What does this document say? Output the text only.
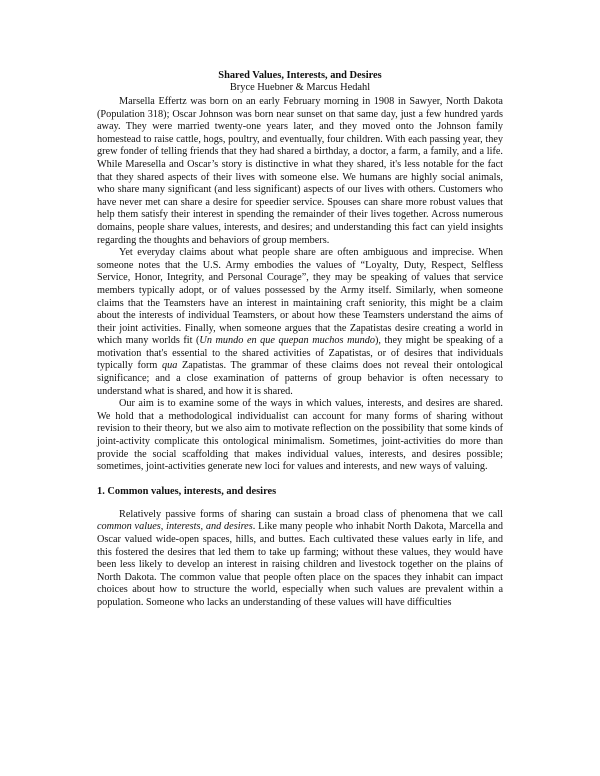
Shared Values, Interests, and Desires
Bryce Huebner & Marcus Hedahl

Marsella Effertz was born on an early February morning in 1908 in Sawyer, North Dakota (Population 318); Oscar Johnson was born near sunset on that same day, just a few hundred yards away. They were married twenty-one years later, and they moved onto the Johnson family homestead to raise cattle, hogs, poultry, and eventually, four children. With each passing year, they grew fonder of telling friends that they had shared a birthday, a doctor, a farm, a family, and a life. While Maresella and Oscar’s story is distinctive in what they shared, it's less notable for the fact that they shared aspects of their lives with someone else. We humans are highly social animals, who share many significant (and less significant) aspects of our lives with others. Customers who have never met can share a desire for speedier service. Spouses can share more robust values that help them satisfy their interest in spending the remainder of their lives together. Across numerous domains, people share values, interests, and desires; and understanding this fact can yield insights regarding the thoughts and behaviors of group members.

Yet everyday claims about what people share are often ambiguous and imprecise. When someone notes that the U.S. Army embodies the values of “Loyalty, Duty, Respect, Selfless Service, Honor, Integrity, and Personal Courage”, they may be speaking of values that service members typically adopt, or of values possessed by the Army itself. Similarly, when someone claims that the Teamsters have an interest in maintaining craft seniority, this might be a claim about the interests of individual Teamsters, or about how these Teamsters understand the aims of their joint activities. Finally, when someone argues that the Zapatistas desire creating a world in which many worlds fit (Un mundo en que quepan muchos mundo), they might be speaking of a motivation that's essential to the shared activities of Zapatistas, or of desires that individuals typically form qua Zapatistas. The grammar of these claims does not reveal their ontological significance; and a close examination of patterns of group behavior is often necessary to understand what is shared, and how it is shared.

Our aim is to examine some of the ways in which values, interests, and desires are shared. We hold that a methodological individualist can account for many forms of sharing without revision to their theory, but we also aim to motivate reflection on the possibility that some kinds of joint-activity complicate this ontological minimalism. Sometimes, joint-activities do more than provide the social scaffolding that makes individual values, interests, and desires possible; sometimes, joint-activities generate new loci for values and interests, and new ways of valuing.

1. Common values, interests, and desires

Relatively passive forms of sharing can sustain a broad class of phenomena that we call common values, interests, and desires. Like many people who inhabit North Dakota, Marcella and Oscar valued wide-open spaces, hills, and buttes. Each cultivated these values early in life, and this fostered the desires that led them to take up farming; without these values, they would have been less likely to develop an interest in raising children and livestock together on the plains of North Dakota. The common value that people often place on the spaces they inhabit can impact choices about how to structure the world, especially when such values are prevalent within a population. Someone who lacks an understanding of these values will have difficulties
